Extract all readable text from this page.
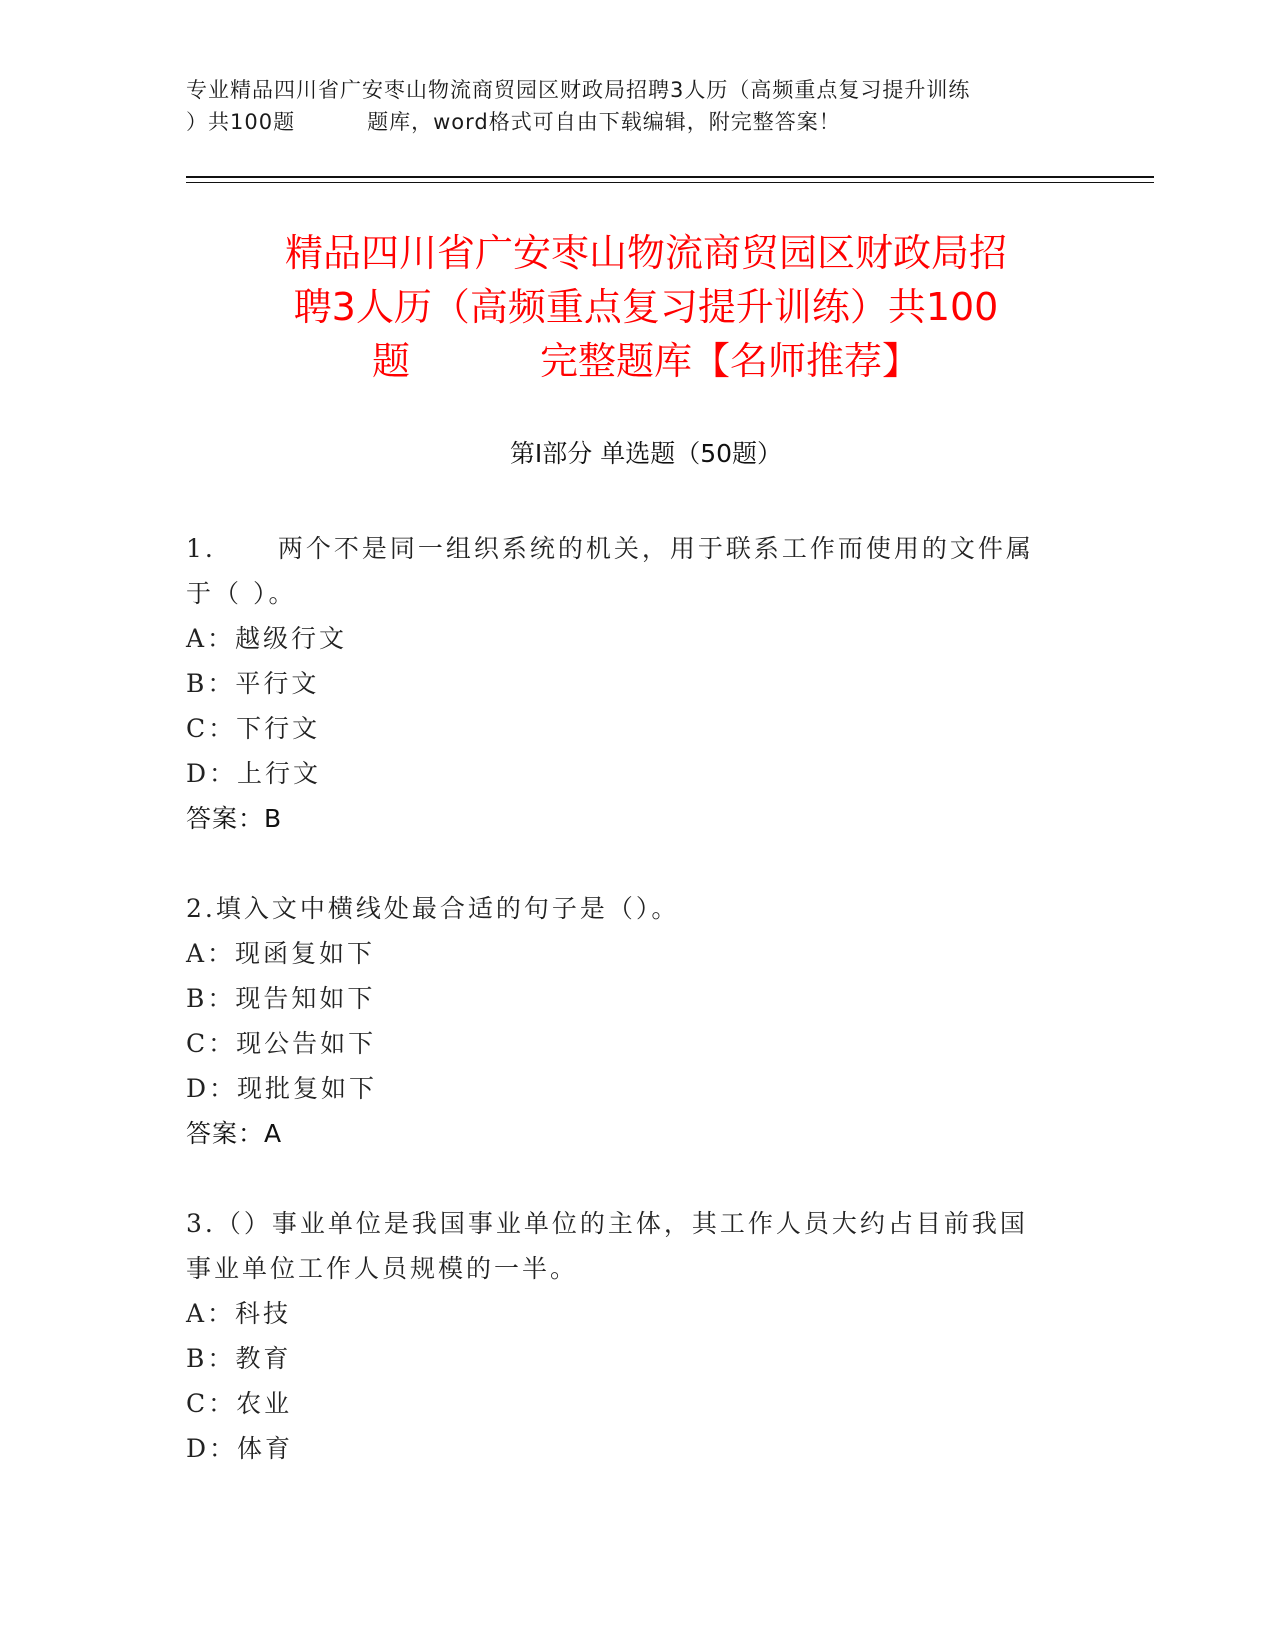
专业精品四川省广安枣山物流商贸园区财政局招聘3人历（高频重点复习提升训练
）共100题	题库，word格式可自由下载编辑，附完整答案！
精品四川省广安枣山物流商贸园区财政局招
聘3人历（高频重点复习提升训练）共100
题	完整题库【名师推荐】
第Ⅰ部分 单选题（50题）
1. 两个不是同一组织系统的机关，用于联系工作而使用的文件属
于（ ）。
A：越级行文
B：平行文
C：下行文
D：上行文
答案：B
2.填入文中横线处最合适的句子是（）。
A：现函复如下
B：现告知如下
C：现公告如下
D：现批复如下
答案：A
3.（）事业单位是我国事业单位的主体，其工作人员大约占目前我国
事业单位工作人员规模的一半。
A：科技
B：教育
C：农业
D：体育
